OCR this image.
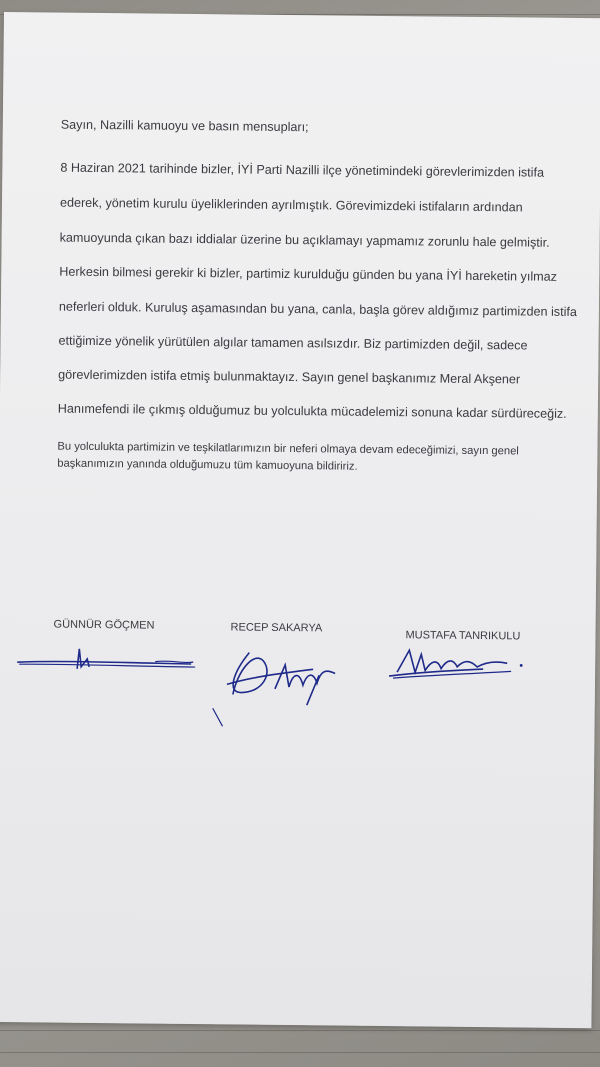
Sayın, Nazilli kamuoyu ve basın mensupları;
8 Haziran 2021 tarihinde bizler, İYİ Parti Nazilli ilçe yönetimindeki görevlerimizden istifa
ederek, yönetim kurulu üyeliklerinden ayrılmıştık. Görevimizdeki istifaların ardından
kamuoyunda çıkan bazı iddialar üzerine bu açıklamayı yapmamız zorunlu hale gelmiştir.
Herkesin bilmesi gerekir ki bizler, partimiz kurulduğu günden bu yana İYİ hareketin yılmaz
neferleri olduk. Kuruluş aşamasından bu yana, canla, başla görev aldığımız partimizden istifa
ettiğimize yönelik yürütülen algılar tamamen asılsızdır. Biz partimizden değil, sadece
görevlerimizden istifa etmiş bulunmaktayız. Sayın genel başkanımız Meral Akşener
Hanımefendi ile çıkmış olduğumuz bu yolculukta mücadelemizi sonuna kadar sürdüreceğiz.
Bu yolculukta partimizin ve teşkilatlarımızın bir neferi olmaya devam edeceğimizi, sayın genel
başkanımızın yanında olduğumuzu tüm kamuoyuna bildiririz.
GÜNNÜR GÖÇMEN	RECEP SAKARYA
MUSTAFA TANRIKULU
